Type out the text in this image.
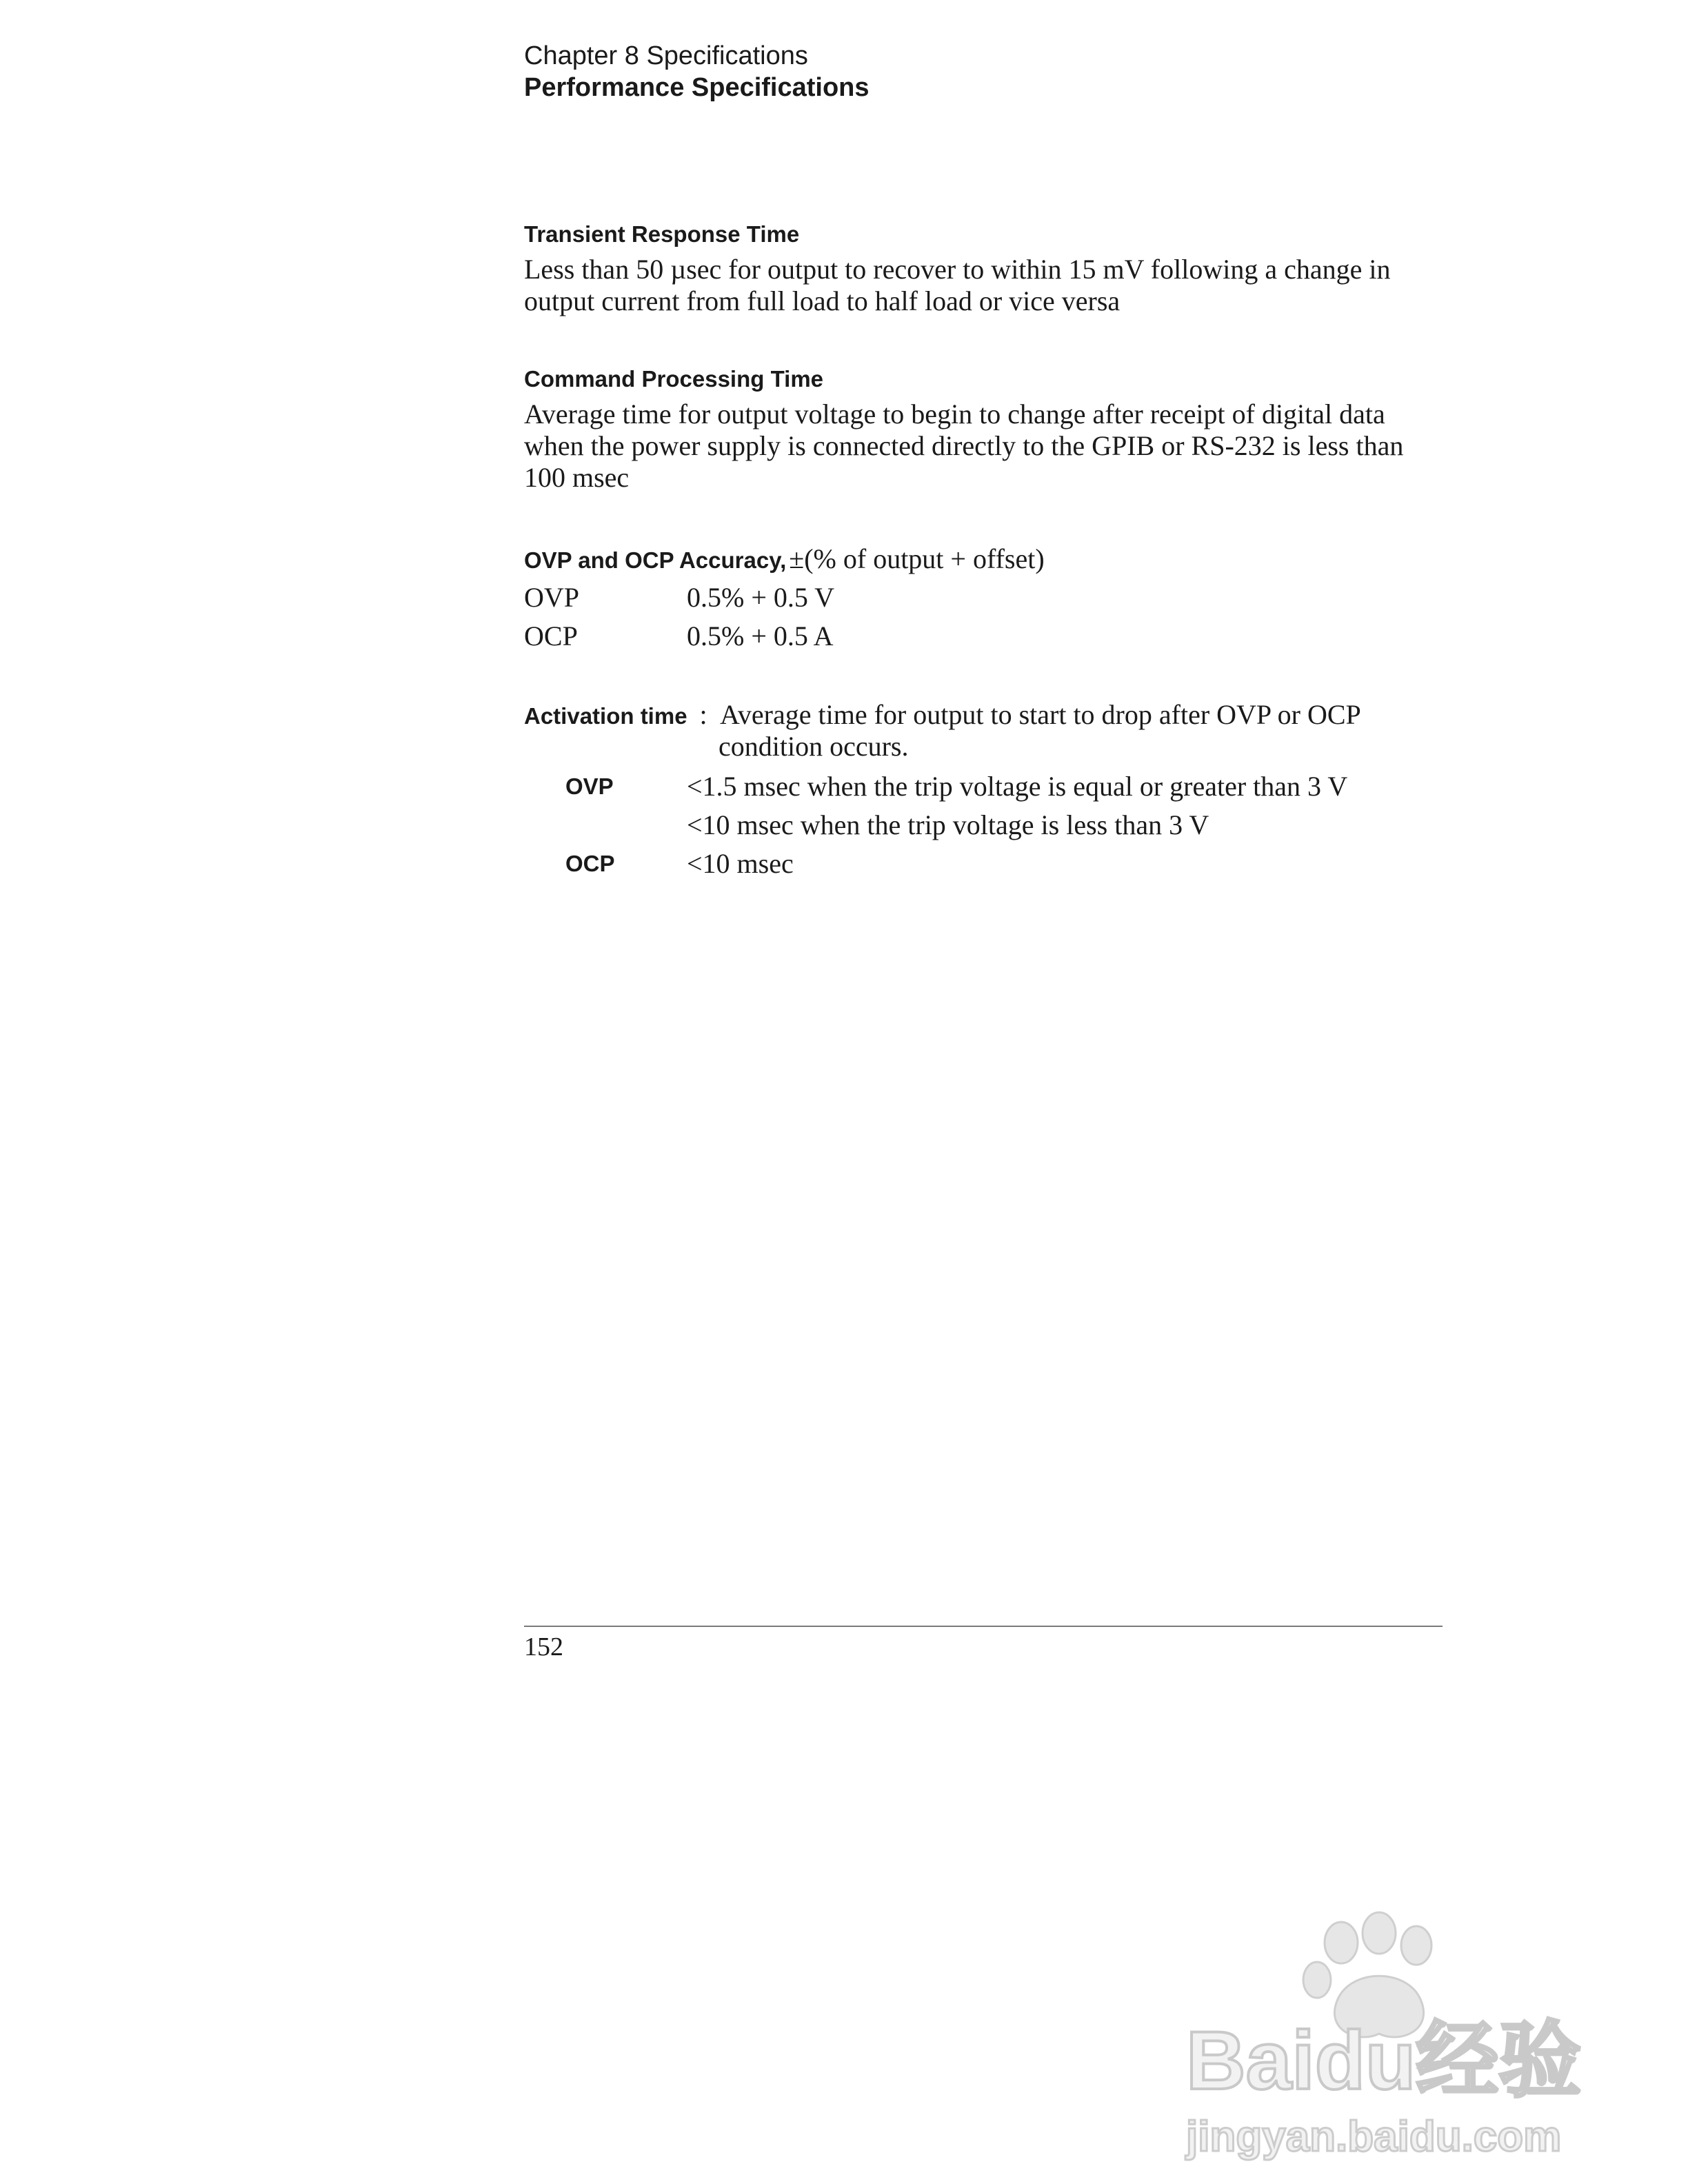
Chapter 8 Specifications
Performance Specifications
Transient Response Time
Less than 50 µsec for output to recover to within 15 mV following a change in
output current from full load to half load or vice versa
Command Processing Time
Average time for output voltage to begin to change after receipt of digital data
when the power supply is connected directly to the GPIB or RS-232 is less than
100 msec
OVP and OCP Accuracy, ±(% of output + offset)
OVP	0.5% + 0.5 V
OCP	0.5% + 0.5 A
Activation time : Average time for output to start to drop after OVP or OCP
condition occurs.
OVP	<1.5 msec when the trip voltage is equal or greater than 3 V
<10 msec when the trip voltage is less than 3 V
OCP	<10 msec
152
Baidu经验
jingyan.baidu.com
